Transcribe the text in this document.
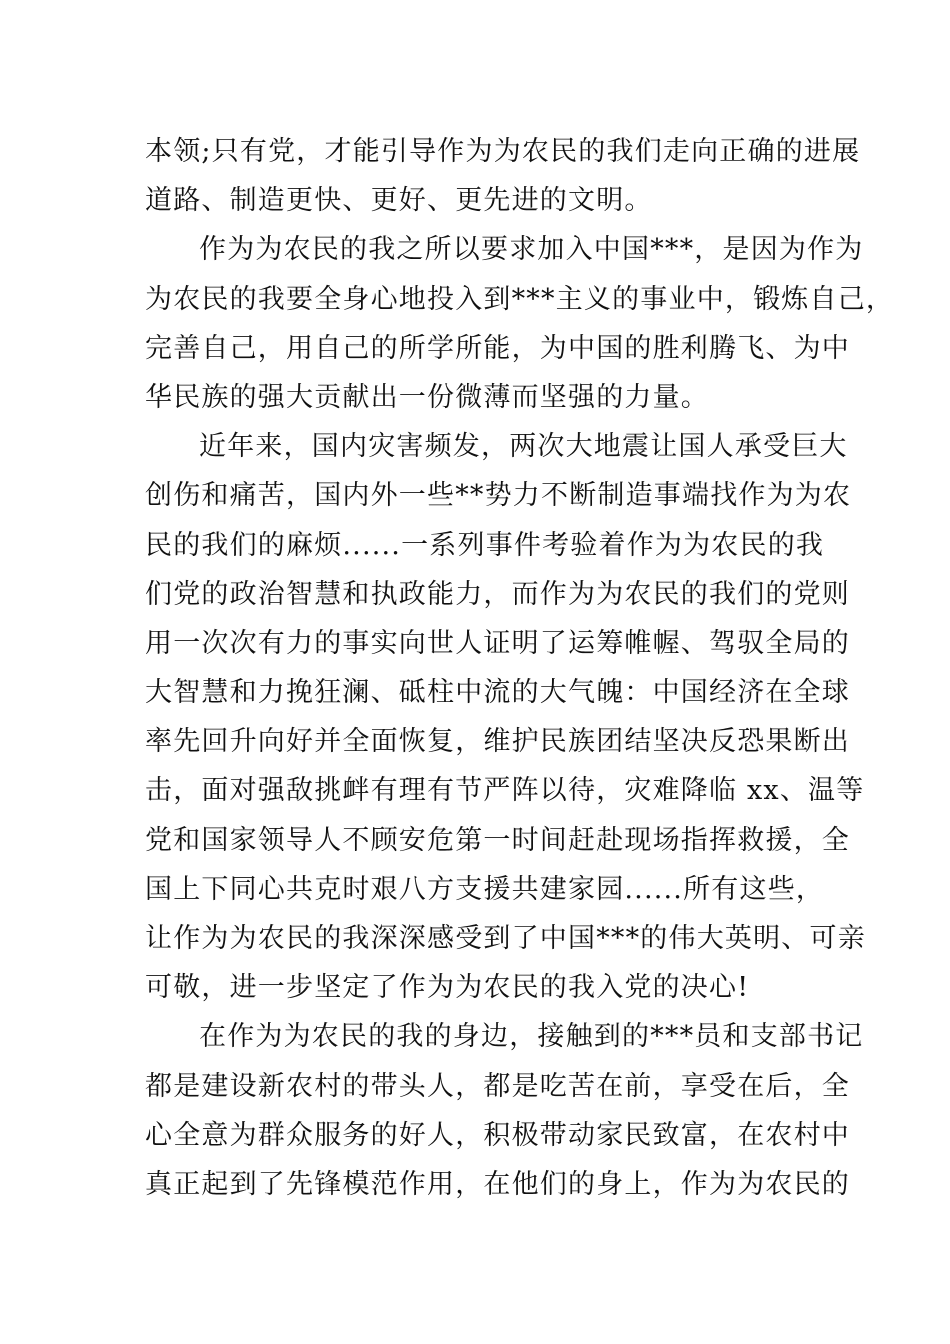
本领;只有党，才能引导作为为农民的我们走向正确的进展
道路、制造更快、更好、更先进的文明。
作为为农民的我之所以要求加入中国***，是因为作为
为农民的我要全身心地投入到***主义的事业中，锻炼自己，
完善自己，用自己的所学所能，为中国的胜利腾飞、为中
华民族的强大贡献出一份微薄而坚强的力量。
近年来，国内灾害频发，两次大地震让国人承受巨大
创伤和痛苦，国内外一些**势力不断制造事端找作为为农
民的我们的麻烦......一系列事件考验着作为为农民的我
们党的政治智慧和执政能力，而作为为农民的我们的党则
用一次次有力的事实向世人证明了运筹帷幄、驾驭全局的
大智慧和力挽狂澜、砥柱中流的大气魄：中国经济在全球
率先回升向好并全面恢复，维护民族团结坚决反恐果断出
击，面对强敌挑衅有理有节严阵以待，灾难降临 xx、温等
党和国家领导人不顾安危第一时间赶赴现场指挥救援，全
国上下同心共克时艰八方支援共建家园......所有这些，
让作为为农民的我深深感受到了中国***的伟大英明、可亲
可敬，进一步坚定了作为为农民的我入党的决心!
在作为为农民的我的身边，接触到的***员和支部书记
都是建设新农村的带头人，都是吃苦在前，享受在后，全
心全意为群众服务的好人，积极带动家民致富，在农村中
真正起到了先锋模范作用，在他们的身上，作为为农民的
